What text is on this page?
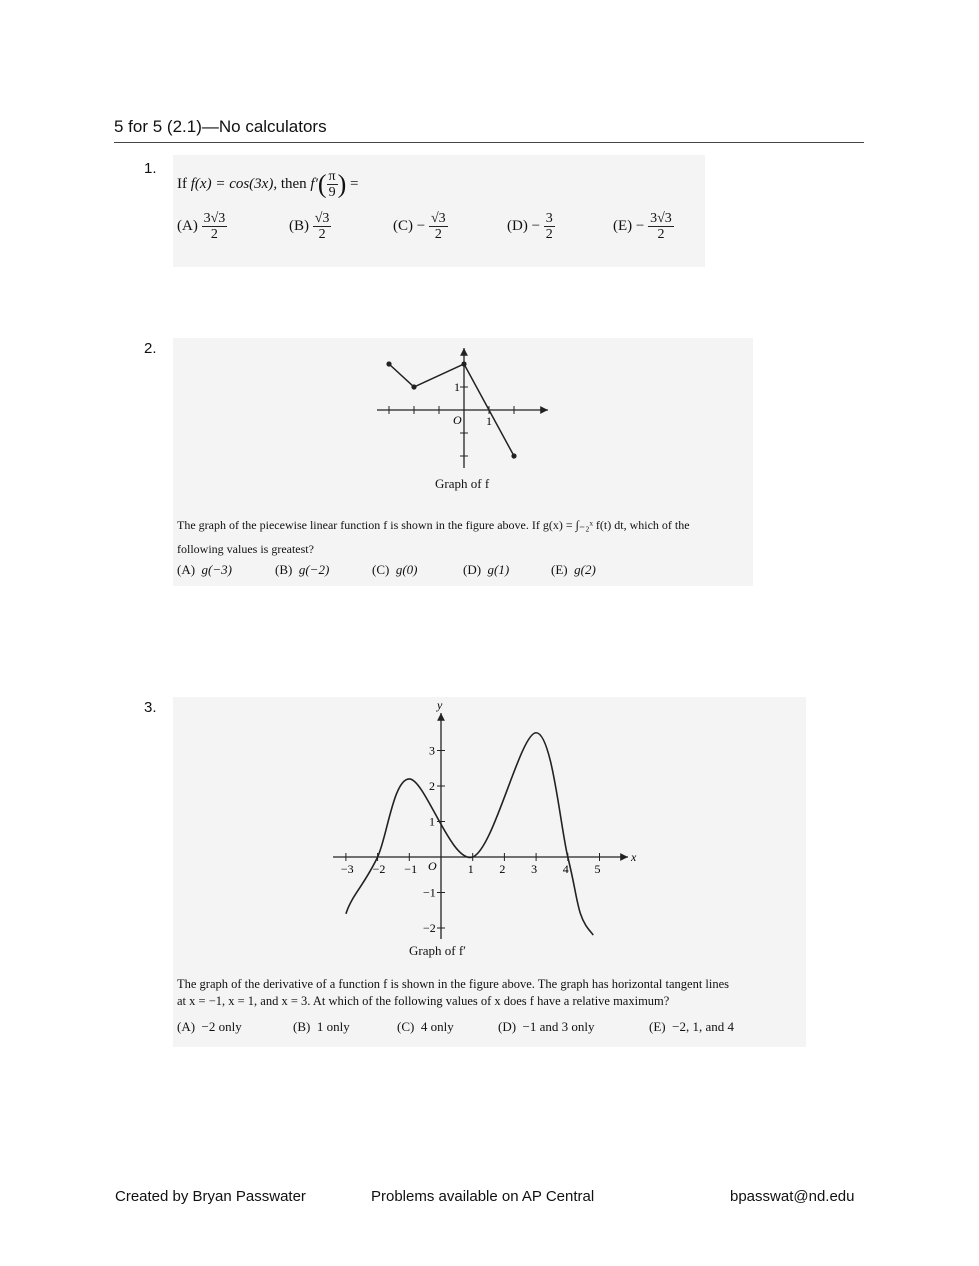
5 for 5 (2.1)—No calculators
1.
If f(x) = cos(3x), then $f'( \frac{\pi}{9}$ ) =
$(A) \frac{3√3}{2}$	$(B) \frac{√3}{2}$	$(C) - \frac{√3}{2}$	$(D) - \frac{3}{2}$	$(E) - \frac{3√3}{2}$
2.
O 1
1
Graph of f
The graph of the piecewise linear function f is shown in the figure above. If g(x) = ∫₋₂ˣ f(t) dt, which of the
following values is greatest?
(A) g(−3)	(B) g(−2)	(C) g(0)	(D) g(1)	(E) g(2)
3.
x
y
O
−3 −2 −1	1 2 3 4 5
3
2
1
−1
−2
Graph of f′
The graph of the derivative of a function f is shown in the figure above. The graph has horizontal tangent lines
at x = −1, x = 1, and x = 3. At which of the following values of x does f have a relative maximum?
(A) −2 only	(B) 1 only	(C) 4 only	(D) −1 and 3 only	(E) −2, 1, and 4
Created by Bryan Passwater	Problems available on AP Central	bpasswat@nd.edu
